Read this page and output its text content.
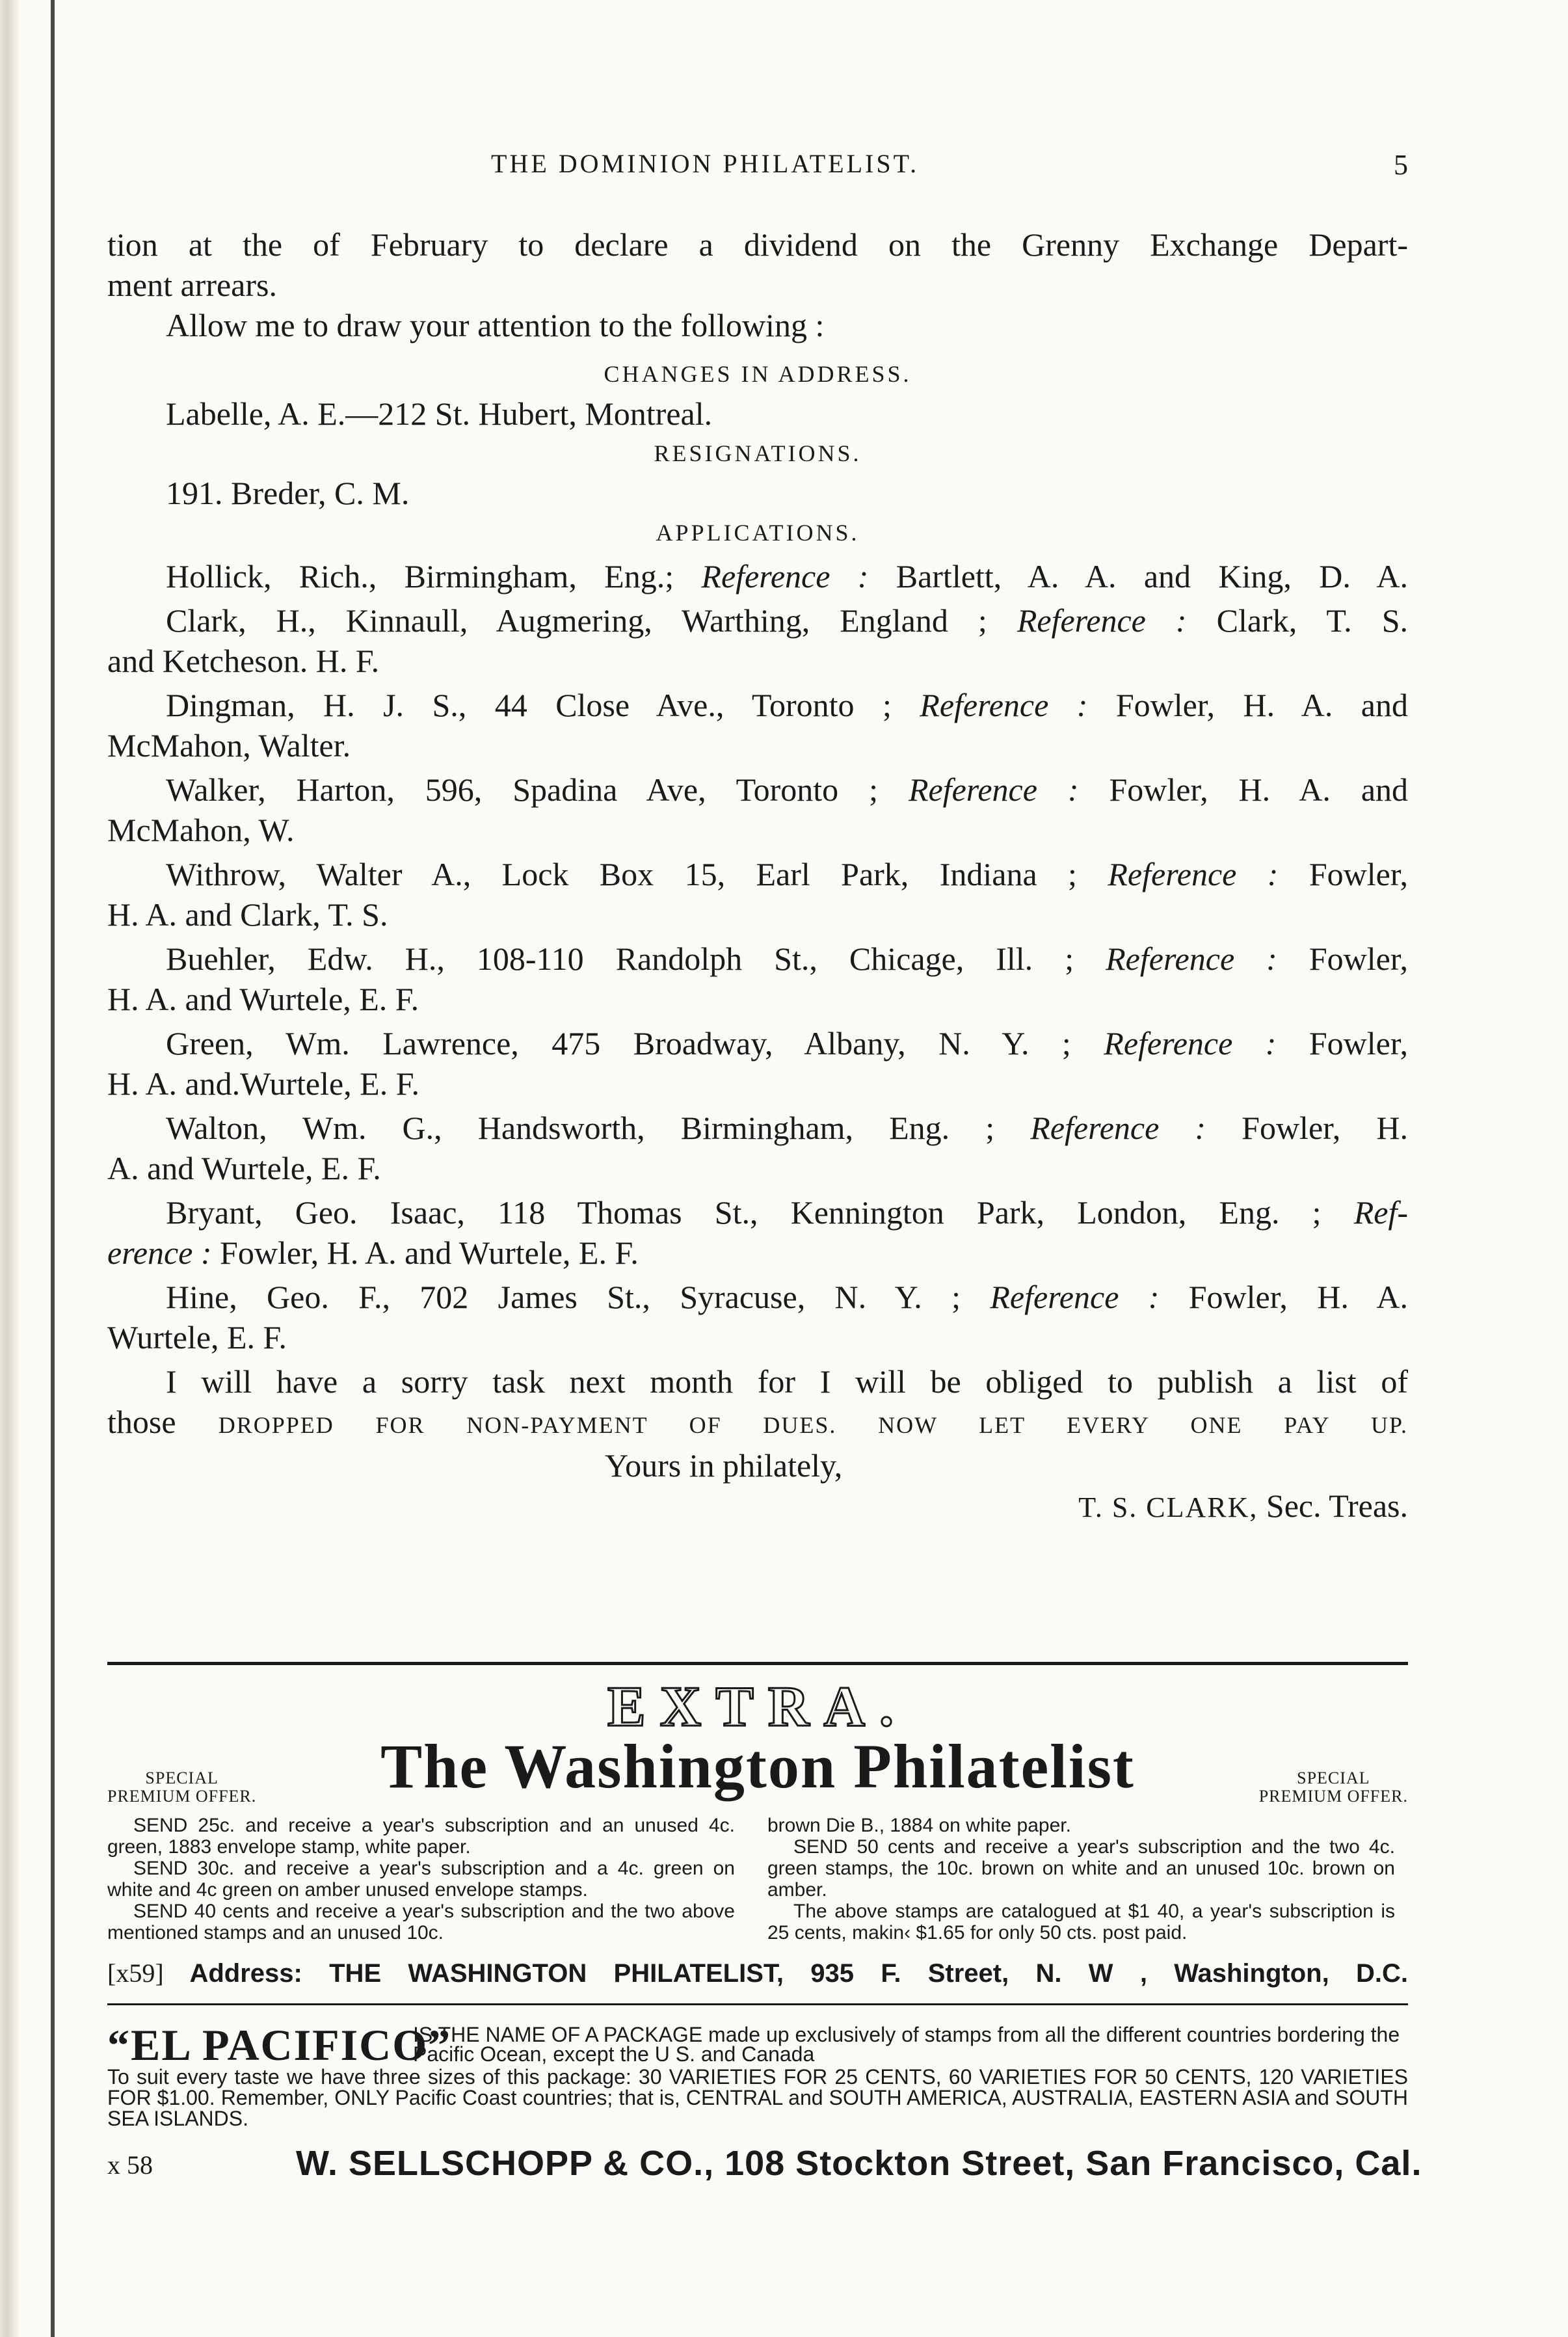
THE DOMINION PHILATELIST.	5
tion at the of February to declare a dividend on the Grenny Exchange Depart-
ment arrears.
Allow me to draw your attention to the following :
CHANGES IN ADDRESS.
Labelle, A. E.—212 St. Hubert, Montreal.
RESIGNATIONS.
191. Breder, C. M.
APPLICATIONS.
Hollick, Rich., Birmingham, Eng.; Reference : Bartlett, A. A. and King, D. A.
Clark, H., Kinnaull, Augmering, Warthing, England ; Reference : Clark, T. S.
and Ketcheson. H. F.
Dingman, H. J. S., 44 Close Ave., Toronto ; Reference : Fowler, H. A. and
McMahon, Walter.
Walker, Harton, 596, Spadina Ave, Toronto ; Reference : Fowler, H. A. and
McMahon, W.
Withrow, Walter A., Lock Box 15, Earl Park, Indiana ; Reference : Fowler,
H. A. and Clark, T. S.
Buehler, Edw. H., 108-110 Randolph St., Chicage, Ill. ; Reference : Fowler,
H. A. and Wurtele, E. F.
Green, Wm. Lawrence, 475 Broadway, Albany, N. Y. ; Reference : Fowler,
H. A. and.Wurtele, E. F.
Walton, Wm. G., Handsworth, Birmingham, Eng. ; Reference : Fowler, H.
A. and Wurtele, E. F.
Bryant, Geo. Isaac, 118 Thomas St., Kennington Park, London, Eng. ; Ref-
erence : Fowler, H. A. and Wurtele, E. F.
Hine, Geo. F., 702 James St., Syracuse, N. Y. ; Reference : Fowler, H. A.
Wurtele, E. F.
I will have a sorry task next month for I will be obliged to publish a list of
those DROPPED FOR NON-PAYMENT OF DUES. NOW LET EVERY ONE PAY UP.
Yours in philately,
T. S. CLARK, Sec. Treas.
EXTRA.
SPECIAL
PREMIUM OFFER.	The Washington Philatelist	SPECIAL
PREMIUM OFFER.

SEND 25c. and receive a year's subscription and an unused 4c. green, 1883 envelope stamp, white paper.

SEND 30c. and receive a year's subscription and a 4c. green on white and 4c green on amber unused envelope stamps.

SEND 40 cents and receive a year's subscription and the two above mentioned stamps and an unused 10c.

brown Die B., 1884 on white paper.

SEND 50 cents and receive a year's subscription and the two 4c. green stamps, the 10c. brown on white and an unused 10c. brown on amber.

The above stamps are catalogued at $1 40, a year's subscription is 25 cents, makin‹ $1.65 for only 50 cts. post paid.

[x59] Address: THE WASHINGTON PHILATELIST, 935 F. Street, N. W , Washington, D.C.
“EL PACIFICO”
IS THE NAME OF A PACKAGE made up exclusively of stamps from all the different countries bordering the Pacific Ocean, except the U S. and Canada
To suit every taste we have three sizes of this package: 30 VARIETIES FOR 25 CENTS, 60 VARIETIES FOR 50 CENTS, 120 VARIETIES FOR $1.00. Remember, ONLY Pacific Coast countries; that is, CENTRAL and SOUTH AMERICA, AUSTRALIA, EASTERN ASIA and SOUTH SEA ISLANDS.
x 58	W. SELLSCHOPP & CO., 108 Stockton Street, San Francisco, Cal.
